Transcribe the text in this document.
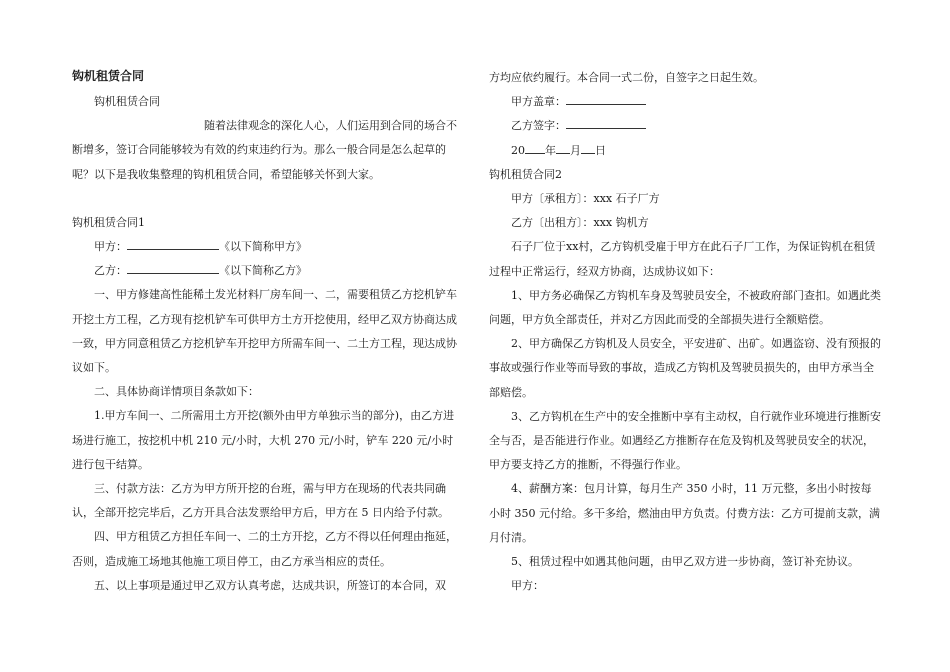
钩机租赁合同

钩机租赁合同

随着法律观念的深化人心，人们运用到合同的场合不断增多，签订合同能够较为有效的约束违约行为。那么一般合同是怎么起草的呢？以下是我收集整理的钩机租赁合同，希望能够关怀到大家。

钩机租赁合同1

甲方：	《以下简称甲方》

乙方：	《以下简称乙方》

一、甲方修建高性能稀土发光材料厂房车间一、二，需要租赁乙方挖机铲车开挖土方工程，乙方现有挖机铲车可供甲方土方开挖使用，经甲乙双方协商达成一致，甲方同意租赁乙方挖机铲车开挖甲方所需车间一、二土方工程，现达成协议如下。

二、具体协商详情项目条款如下：

1.甲方车间一、二所需用土方开挖(额外由甲方单独示当的部分)，由乙方进场进行施工，按挖机中机 210 元/小时，大机 270 元/小时，铲车 220 元/小时进行包干结算。

三、付款方法：乙方为甲方所开挖的台班，需与甲方在现场的代表共同确认，全部开挖完毕后，乙方开具合法发票给甲方后，甲方在 5 日内给予付款。

四、甲方租赁乙方担任车间一、二的土方开挖，乙方不得以任何理由拖延，否则，造成施工场地其他施工项目停工，由乙方承当相应的责任。

五、以上事项是通过甲乙双方认真考虑，达成共识，所签订的本合同，双

方均应依约履行。本合同一式二份，自签字之日起生效。

甲方盖章：

乙方签字：

20 年 月 日

钩机租赁合同2

甲方〔承租方〕：xxx 石子厂方

乙方〔出租方〕：xxx 钩机方

石子厂位于xx村，乙方钩机受雇于甲方在此石子厂工作，为保证钩机在租赁过程中正常运行，经双方协商，达成协议如下：

1、甲方务必确保乙方钩机车身及驾驶员安全，不被政府部门查扣。如遇此类问题，甲方负全部责任，并对乙方因此而受的全部损失进行全额赔偿。

2、甲方确保乙方钩机及人员安全，平安进矿、出矿。如遇盗窃、没有预报的事故或强行作业等而导致的事故，造成乙方钩机及驾驶员损失的，由甲方承当全部赔偿。

3、乙方钩机在生产中的安全推断中享有主动权，自行就作业环境进行推断安全与否，是否能进行作业。如遇经乙方推断存在危及钩机及驾驶员安全的状况，甲方要支持乙方的推断，不得强行作业。

4、薪酬方案：包月计算，每月生产 350 小时，11 万元整，多出小时按每小时 350 元付给。多干多给，燃油由甲方负责。付费方法：乙方可提前支款，满月付清。

5、租赁过程中如遇其他问题，由甲乙双方进一步协商，签订补充协议。

甲方：
